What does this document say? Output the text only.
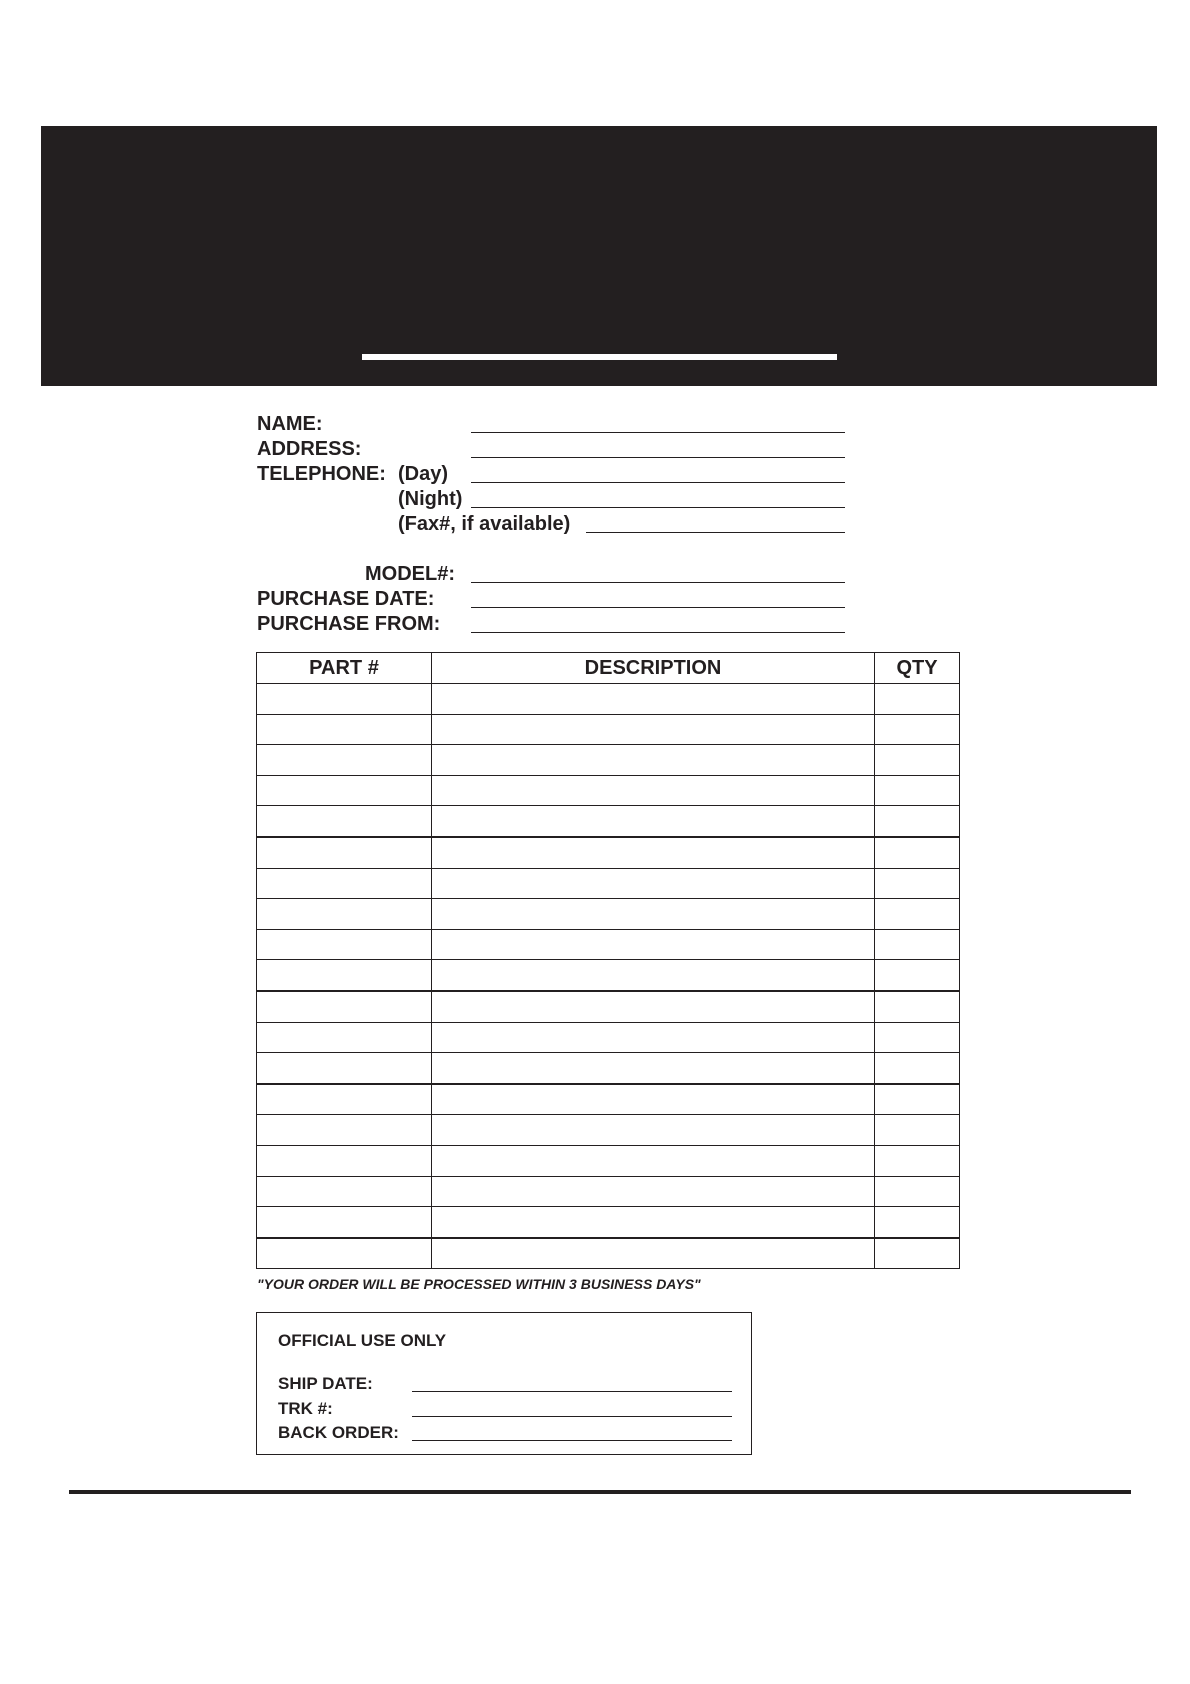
NAME:
ADDRESS:
TELEPHONE: (Day)
(Night)
(Fax#, if available)
MODEL#:
PURCHASE DATE:
PURCHASE FROM:
PART #	DESCRIPTION	QTY

"YOUR ORDER WILL BE PROCESSED WITHIN 3 BUSINESS DAYS"
OFFICIAL USE ONLY
SHIP DATE:
TRK #:
BACK ORDER:
